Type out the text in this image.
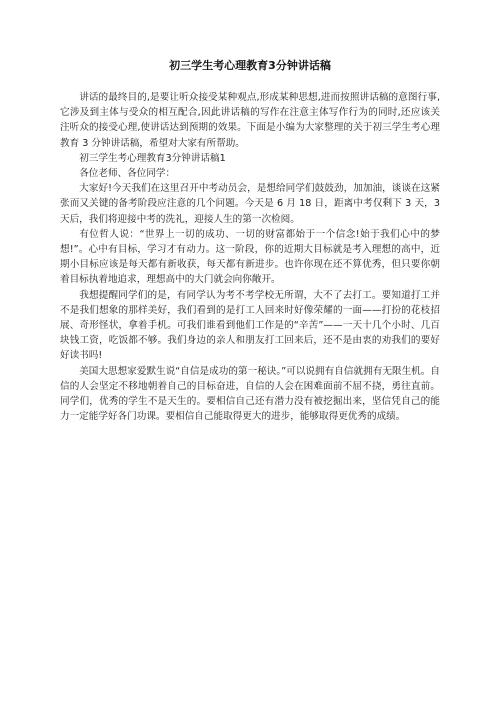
初三学生考心理教育3分钟讲话稿

讲话的最终目的,是要让听众接受某种观点,形成某种思想,进而按照讲话稿的意图行事,它涉及到主体与受众的相互配合,因此讲话稿的写作在注意主体写作行为的同时,还应该关注听众的接受心理,使讲话达到预期的效果。下面是小编为大家整理的关于初三学生考心理教育 3 分钟讲话稿，希望对大家有所帮助。

初三学生考心理教育3分钟讲话稿1

各位老师、各位同学：

大家好!今天我们在这里召开中考动员会，是想给同学们鼓鼓劲，加加油，谈谈在这紧张而又关键的备考阶段应注意的几个问题。今天是 6 月 18 日，距离中考仅剩下 3 天，3 天后，我们将迎接中考的洗礼，迎接人生的第一次检阅。

有位哲人说：“世界上一切的成功、一切的财富都始于一个信念!始于我们心中的梦想!”。心中有目标，学习才有动力。这一阶段，你的近期大目标就是考入理想的高中，近期小目标应该是每天都有新收获，每天都有新进步。也许你现在还不算优秀，但只要你朝着目标执着地追求，理想高中的大门就会向你敞开。

我想提醒同学们的是，有同学认为考不考学校无所谓，大不了去打工。要知道打工并不是我们想象的那样美好，我们看到的是打工人回来时好像荣耀的一面——打扮的花枝招展、奇形怪状，拿着手机。可我们谁看到他们工作是的“辛苦”——一天十几个小时、几百块钱工资，吃饭都不够。我们身边的亲人和朋友打工回来后，还不是由衷的劝我们的要好好读书吗!

美国大思想家爱默生说“自信是成功的第一秘诀。”可以说拥有自信就拥有无限生机。自信的人会坚定不移地朝着自己的目标奋进，自信的人会在困难面前不屈不挠，勇往直前。同学们，优秀的学生不是天生的。要相信自己还有潜力没有被挖掘出来，坚信凭自己的能力一定能学好各门功课。要相信自己能取得更大的进步，能够取得更优秀的成绩。
